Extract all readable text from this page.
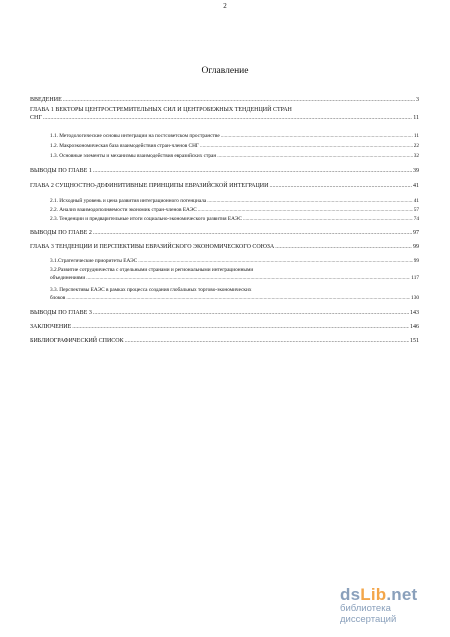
2
Оглавление
ВВЕДЕНИЕ .....	3
ГЛАВА 1 ВЕКТОРЫ ЦЕНТРОСТРЕМИТЕЛЬНЫХ СИЛ И ЦЕНТРОБЕЖНЫХ ТЕНДЕНЦИЙ СТРАН
СНГ .....	11
1.1. Методологические основы интеграции на постсоветском пространстве .....	11
1.2. Макроэкономическая база взаимодействия стран-членов СНГ .....	22
1.3. Основные элементы и механизмы взаимодействия евразийских стран .....	32
ВЫВОДЫ ПО ГЛАВЕ 1 .....	39
ГЛАВА 2 СУЩНОСТНО-ДЕФИНИТИВНЫЕ ПРИНЦИПЫ ЕВРАЗИЙСКОЙ ИНТЕГРАЦИИ .....	41
2.1. Исходный уровень и цена развития интеграционного потенциала .....	41
2.2. Анализ взаимодополняемости экономик стран-членов ЕАЭС .....	57
2.3. Тенденции и предварительные итоги социально-экономического развития ЕАЭС .....	74
ВЫВОДЫ ПО ГЛАВЕ 2 .....	97
ГЛАВА 3 ТЕНДЕНЦИИ И ПЕРСПЕКТИВЫ ЕВРАЗИЙСКОГО ЭКОНОМИЧЕСКОГО СОЮЗА .....	99
3.1.Стратегические приоритеты ЕАЭС .....	99
3.2.Развитие сотрудничества с отдельными странами и региональными интеграционными
объединениями .....	117
3.3. Перспективы ЕАЭС в рамках процесса создания глобальных торгово-экономических
блоков .....	130
ВЫВОДЫ ПО ГЛАВЕ 3 .....	143
ЗАКЛЮЧЕНИЕ .....	146
БИБЛИОГРАФИЧЕСКИЙ СПИСОК .....	151
dsLib.net
библиотека диссертаций
